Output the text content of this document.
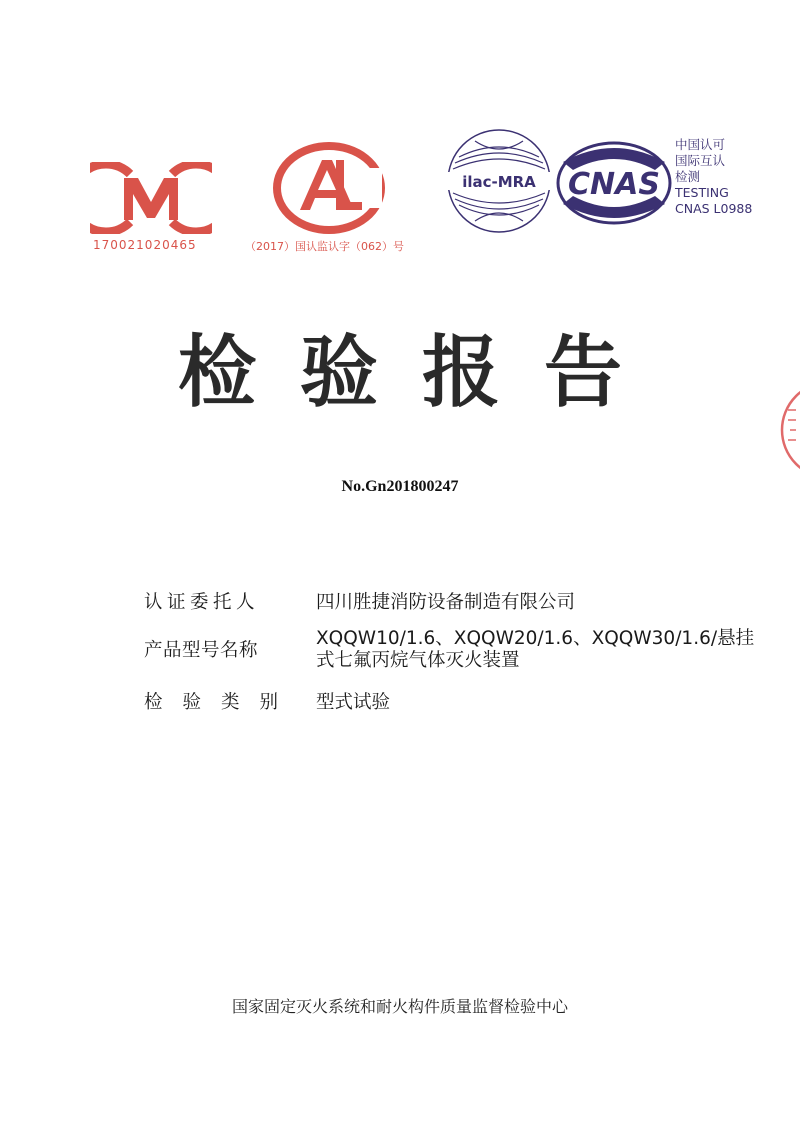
170021020465	（2017）国认监认字（062）号
ilac-MRA CNAS
中国认可
国际互认
检测
TESTING
CNAS L0988
检验报告
No.Gn201800247
认证委托人	四川胜捷消防设备制造有限公司
产品型号名称
XQQW10/1.6、XQQW20/1.6、XQQW30/1.6/悬挂式七氟丙烷气体灭火装置
检验类别 型式试验
国家固定灭火系统和耐火构件质量监督检验中心
